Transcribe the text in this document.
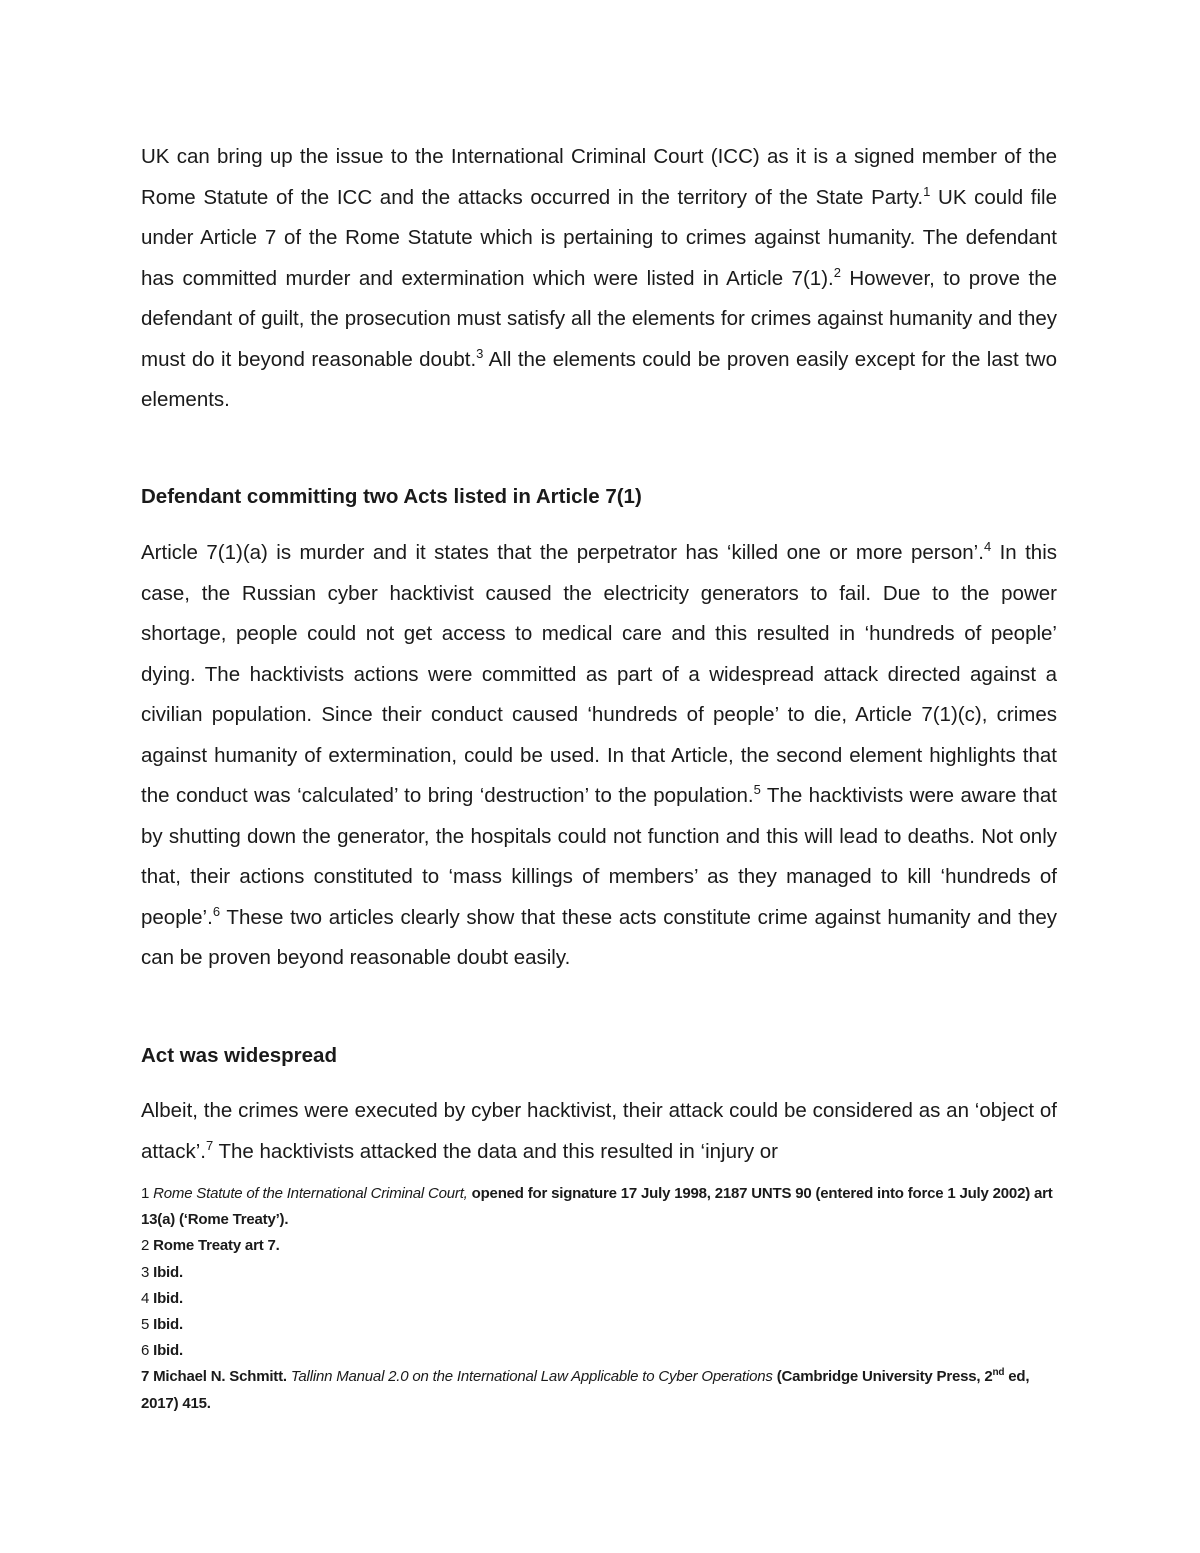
UK can bring up the issue to the International Criminal Court (ICC) as it is a signed member of the Rome Statute of the ICC and the attacks occurred in the territory of the State Party.$^1$ UK could file under Article 7 of the Rome Statute which is pertaining to crimes against humanity. The defendant has committed murder and extermination which were listed in Article 7(1).$^2$ However, to prove the defendant of guilt, the prosecution must satisfy all the elements for crimes against humanity and they must do it beyond reasonable doubt.$^3$ All the elements could be proven easily except for the last two elements.

Defendant committing two Acts listed in Article 7(1)

Article 7(1)(a) is murder and it states that the perpetrator has ‘killed one or more person’.$^4$ In this case, the Russian cyber hacktivist caused the electricity generators to fail. Due to the power shortage, people could not get access to medical care and this resulted in ‘hundreds of people’ dying. The hacktivists actions were committed as part of a widespread attack directed against a civilian population. Since their conduct caused ‘hundreds of people’ to die, Article 7(1)(c), crimes against humanity of extermination, could be used. In that Article, the second element highlights that the conduct was ‘calculated’ to bring ‘destruction’ to the population.$^5$ The hacktivists were aware that by shutting down the generator, the hospitals could not function and this will lead to deaths. Not only that, their actions constituted to ‘mass killings of members’ as they managed to kill ‘hundreds of people’.$^6$ These two articles clearly show that these acts constitute crime against humanity and they can be proven beyond reasonable doubt easily.

Act was widespread

Albeit, the crimes were executed by cyber hacktivist, their attack could be considered as an ‘object of attack’.$^7$ The hacktivists attacked the data and this resulted in ‘injury or

1 Rome Statute of the International Criminal Court, opened for signature 17 July 1998, 2187 UNTS 90 (entered into force 1 July 2002) art 13(a) (‘Rome Treaty’).

2 Rome Treaty art 7.

3 Ibid.

4 Ibid.

5 Ibid.

6 Ibid.

7 Michael N. Schmitt. Tallinn Manual 2.0 on the International Law Applicable to Cyber Operations (Cambridge University Press, 2nd ed, 2017) 415.
